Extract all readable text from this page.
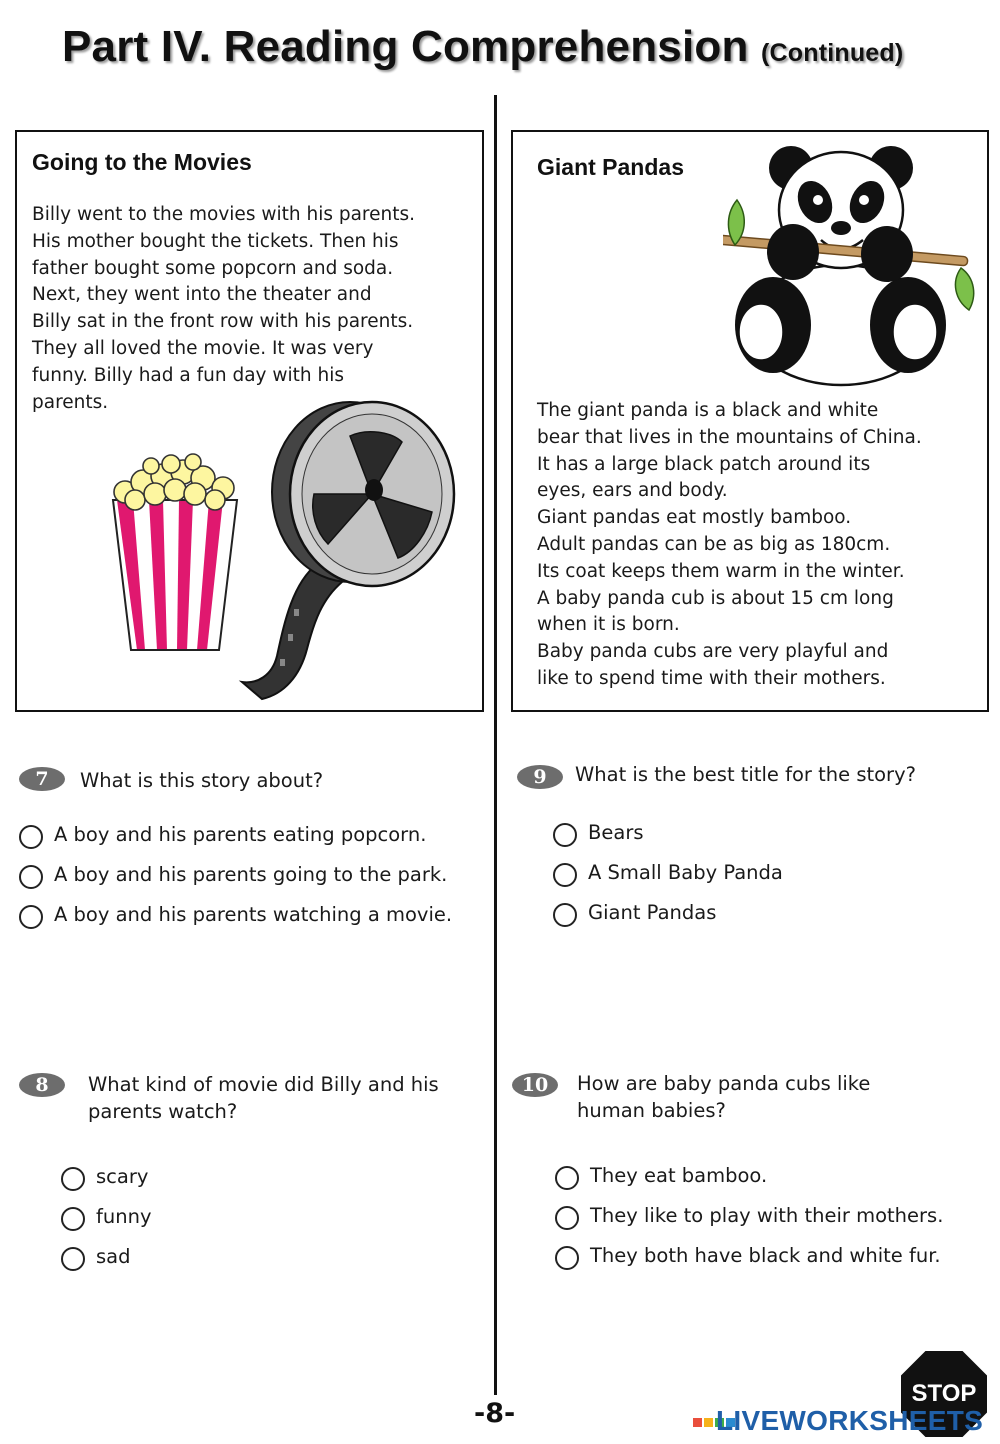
Part IV. Reading Comprehension (Continued)
Going to the Movies
Billy went to the movies with his parents.
His mother bought the tickets. Then his
father bought some popcorn and soda.
Next, they went into the theater and
Billy sat in the front row with his parents.
They all loved the movie. It was very
funny. Billy had a fun day with his
parents.
Giant Pandas
The giant panda is a black and white
bear that lives in the mountains of China.
It has a large black patch around its
eyes, ears and body.
Giant pandas eat mostly bamboo.
Adult pandas can be as big as 180cm.
Its coat keeps them warm in the winter.
A baby panda cub is about 15 cm long
when it is born.
Baby panda cubs are very playful and
like to spend time with their mothers.
7	What is this story about?
A boy and his parents eating popcorn.
A boy and his parents going to the park.
A boy and his parents watching a movie.
8	What kind of movie did Billy and his
parents watch?
scary
funny
sad
9	What is the best title for the story?
Bears
A Small Baby Panda
Giant Pandas
10	How are baby panda cubs like
human babies?
They eat bamboo.
They like to play with their mothers.
They both have black and white fur.
-8-
STOP
LIVEWORKSHEETS
